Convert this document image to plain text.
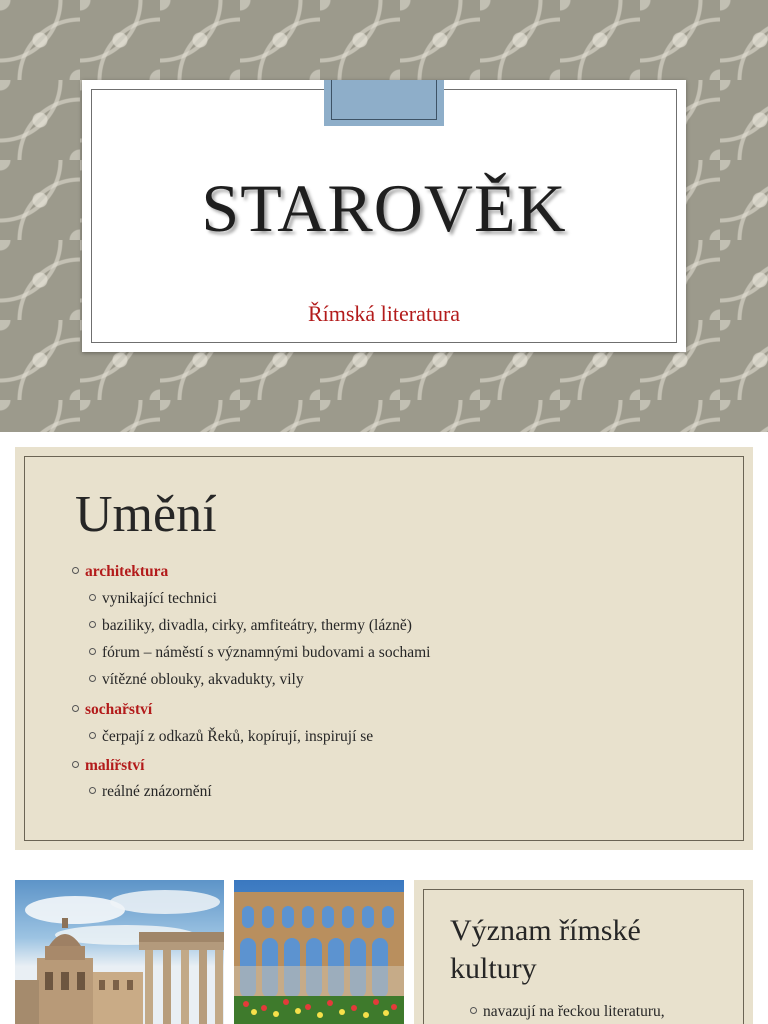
STAROVĚK
Římská literatura
Umění
architektura
vynikající technici
baziliky, divadla, cirky, amfiteátry, thermy (lázně)
fórum – náměstí s významnými budovami a sochami
vítězné oblouky, akvadukty, vily
sochařství
čerpají z odkazů Řeků, kopírují, inspirují se
malířství
reálné znázornění
Význam římské kultury
navazují na řeckou literaturu,
